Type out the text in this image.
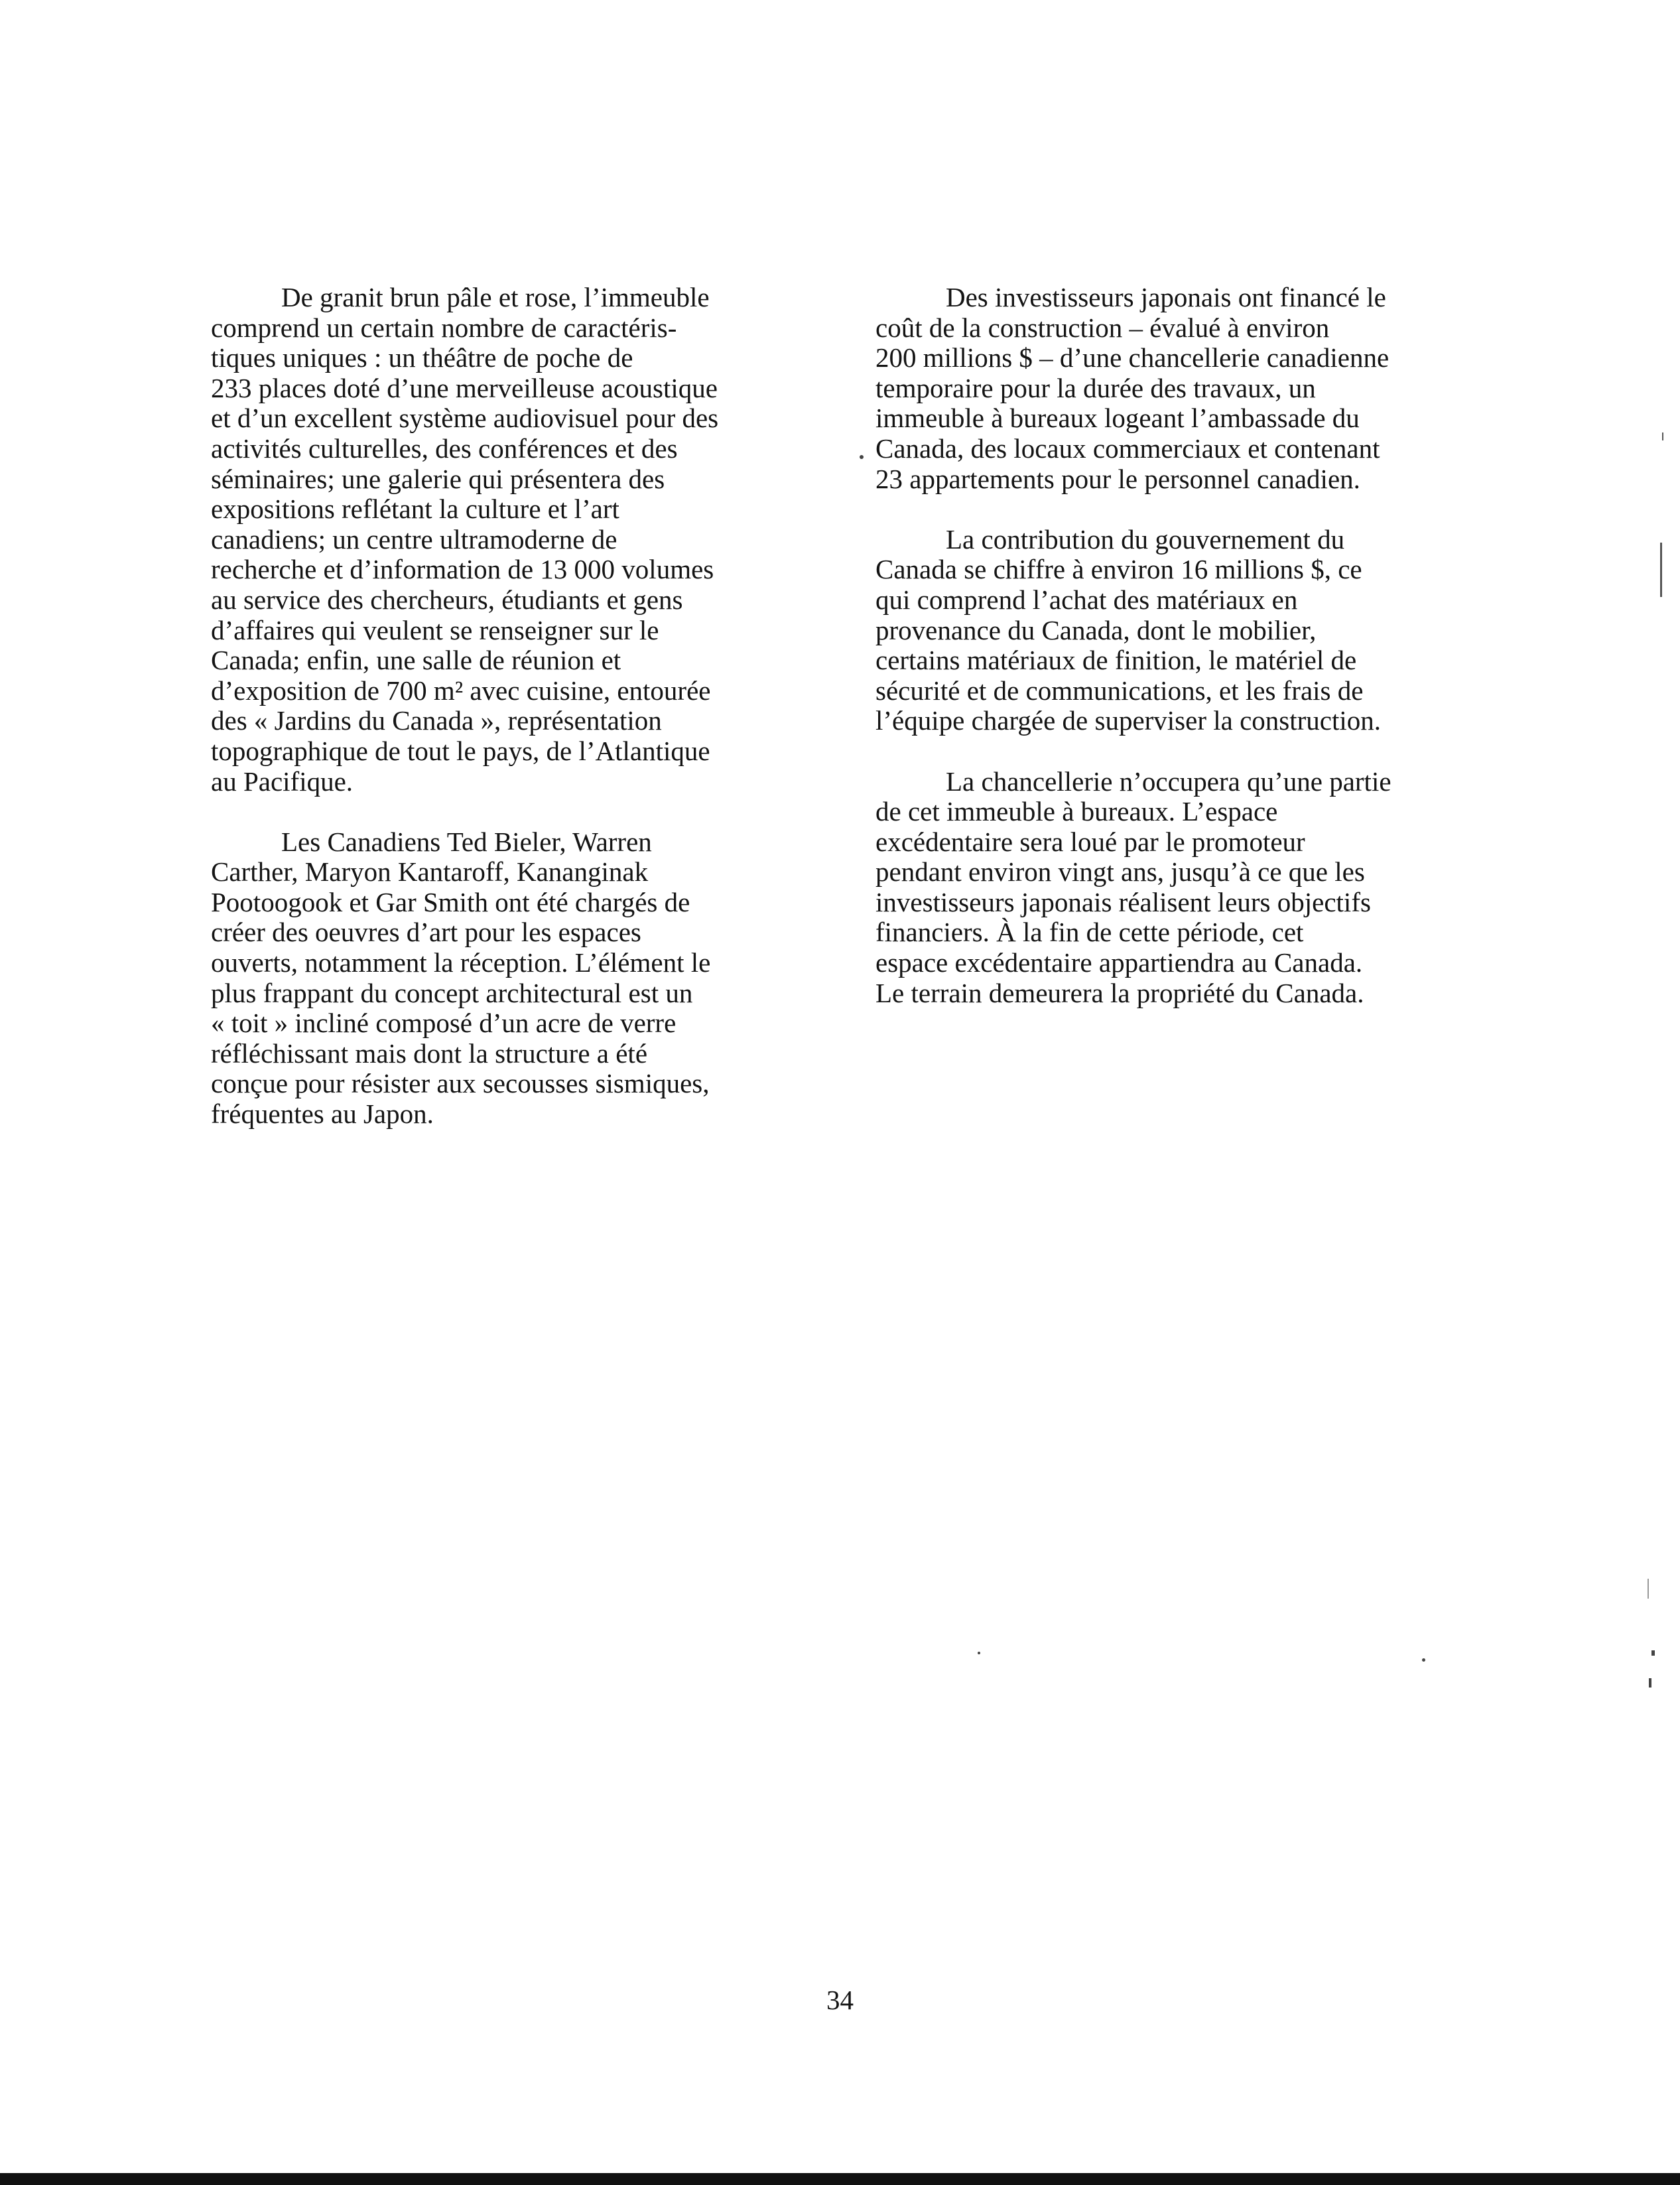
De granit brun pâle et rose, l’immeuble
comprend un certain nombre de caractéris-
tiques uniques : un théâtre de poche de
233 places doté d’une merveilleuse acoustique
et d’un excellent système audiovisuel pour des
activités culturelles, des conférences et des
séminaires; une galerie qui présentera des
expositions reflétant la culture et l’art
canadiens; un centre ultramoderne de
recherche et d’information de 13 000 volumes
au service des chercheurs, étudiants et gens
d’affaires qui veulent se renseigner sur le
Canada; enfin, une salle de réunion et
d’exposition de 700 m² avec cuisine, entourée
des « Jardins du Canada », représentation
topographique de tout le pays, de l’Atlantique
au Pacifique.
Les Canadiens Ted Bieler, Warren
Carther, Maryon Kantaroff, Kananginak
Pootoogook et Gar Smith ont été chargés de
créer des oeuvres d’art pour les espaces
ouverts, notamment la réception. L’élément le
plus frappant du concept architectural est un
« toit » incliné composé d’un acre de verre
réfléchissant mais dont la structure a été
conçue pour résister aux secousses sismiques,
fréquentes au Japon.
Des investisseurs japonais ont financé le
coût de la construction – évalué à environ
200 millions $ – d’une chancellerie canadienne
temporaire pour la durée des travaux, un
immeuble à bureaux logeant l’ambassade du
Canada, des locaux commerciaux et contenant
23 appartements pour le personnel canadien.
La contribution du gouvernement du
Canada se chiffre à environ 16 millions $, ce
qui comprend l’achat des matériaux en
provenance du Canada, dont le mobilier,
certains matériaux de finition, le matériel de
sécurité et de communications, et les frais de
l’équipe chargée de superviser la construction.
La chancellerie n’occupera qu’une partie
de cet immeuble à bureaux. L’espace
excédentaire sera loué par le promoteur
pendant environ vingt ans, jusqu’à ce que les
investisseurs japonais réalisent leurs objectifs
financiers. À la fin de cette période, cet
espace excédentaire appartiendra au Canada.
Le terrain demeurera la propriété du Canada.
34
